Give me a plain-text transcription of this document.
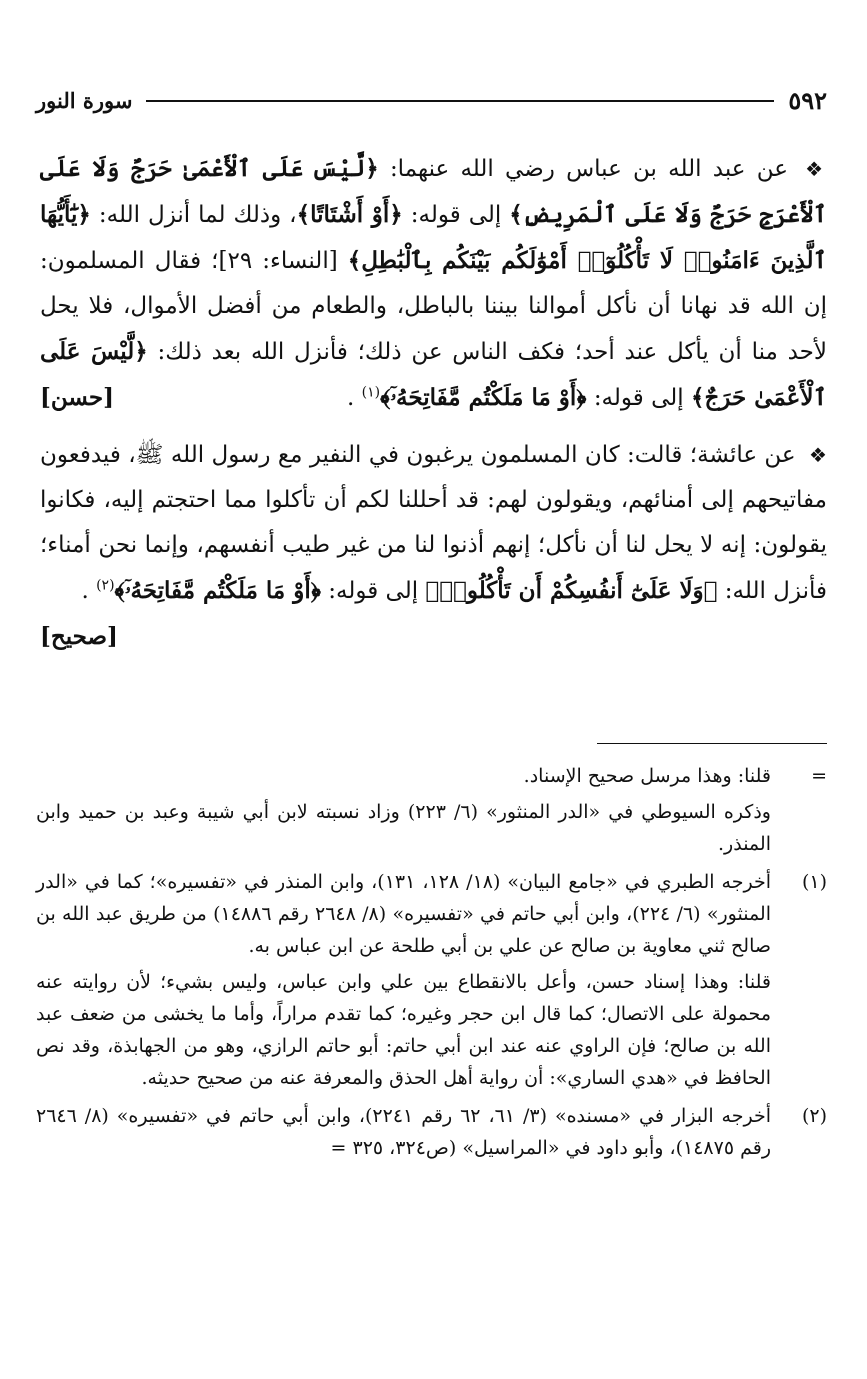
٥٩٢
سورة النور

❖ عن عبد الله بن عباس رضي الله عنهما: ﴿لَّيْسَ عَلَى ٱلْأَعْمَىٰ حَرَجٌ وَلَا عَلَى ٱلْأَعْرَجِ حَرَجٌ وَلَا عَلَى ٱلْمَرِيضِ﴾ إلى قوله: ﴿أَوْ أَشْتَاتًا﴾، وذلك لما أنزل الله: ﴿يَٰٓأَيُّهَا ٱلَّذِينَ ءَامَنُوا۟ لَا تَأْكُلُوٓا۟ أَمْوَٰلَكُم بَيْنَكُم بِٱلْبَٰطِلِ﴾ [النساء: ٢٩]؛ فقال المسلمون: إن الله قد نهانا أن نأكل أموالنا بيننا بالباطل، والطعام من أفضل الأموال، فلا يحل لأحد منا أن يأكل عند أحد؛ فكف الناس عن ذلك؛ فأنزل الله بعد ذلك: ﴿لَّيْسَ عَلَى ٱلْأَعْمَىٰ حَرَجٌ﴾ إلى قوله: ﴿أَوْ مَا مَلَكْتُم مَّفَاتِحَهُۥٓ﴾$^{(١)}$ .
[حسن]

❖ عن عائشة؛ قالت: كان المسلمون يرغبون في النفير مع رسول الله ﷺ، فيدفعون مفاتيحهم إلى أمنائهم، ويقولون لهم: قد أحللنا لكم أن تأكلوا مما احتجتم إليه، فكانوا يقولون: إنه لا يحل لنا أن نأكل؛ إنهم أذنوا لنا من غير طيب أنفسهم، وإنما نحن أمناء؛ فأنزل الله: ﴿وَلَا عَلَىٰٓ أَنفُسِكُمْ أَن تَأْكُلُوا۟﴾ إلى قوله: ﴿أَوْ مَا مَلَكْتُم مَّفَاتِحَهُۥٓ﴾$^{(٢)}$ .
[صحيح]

=

قلنا: وهذا مرسل صحيح الإسناد.

وذكره السيوطي في «الدر المنثور» (٦/ ٢٢٣) وزاد نسبته لابن أبي شيبة وعبد بن حميد وابن المنذر.

(١)

أخرجه الطبري في «جامع البيان» (١٨/ ١٢٨، ١٣١)، وابن المنذر في «تفسيره»؛ كما في «الدر المنثور» (٦/ ٢٢٤)، وابن أبي حاتم في «تفسيره» (٨/ ٢٦٤٨ رقم ١٤٨٨٦) من طريق عبد الله بن صالح ثني معاوية بن صالح عن علي بن أبي طلحة عن ابن عباس به.

قلنا: وهذا إسناد حسن، وأعل بالانقطاع بين علي وابن عباس، وليس بشيء؛ لأن روايته عنه محمولة على الاتصال؛ كما قال ابن حجر وغيره؛ كما تقدم مراراً، وأما ما يخشى من ضعف عبد الله بن صالح؛ فإن الراوي عنه عند ابن أبي حاتم: أبو حاتم الرازي، وهو من الجهابذة، وقد نص الحافظ في «هدي الساري»: أن رواية أهل الحذق والمعرفة عنه من صحيح حديثه.

(٢)

أخرجه البزار في «مسنده» (٣/ ٦١، ٦٢ رقم ٢٢٤١)، وابن أبي حاتم في «تفسيره» (٨/ ٢٦٤٦ رقم ١٤٨٧٥)، وأبو داود في «المراسيل» (ص٣٢٤، ٣٢٥ =
